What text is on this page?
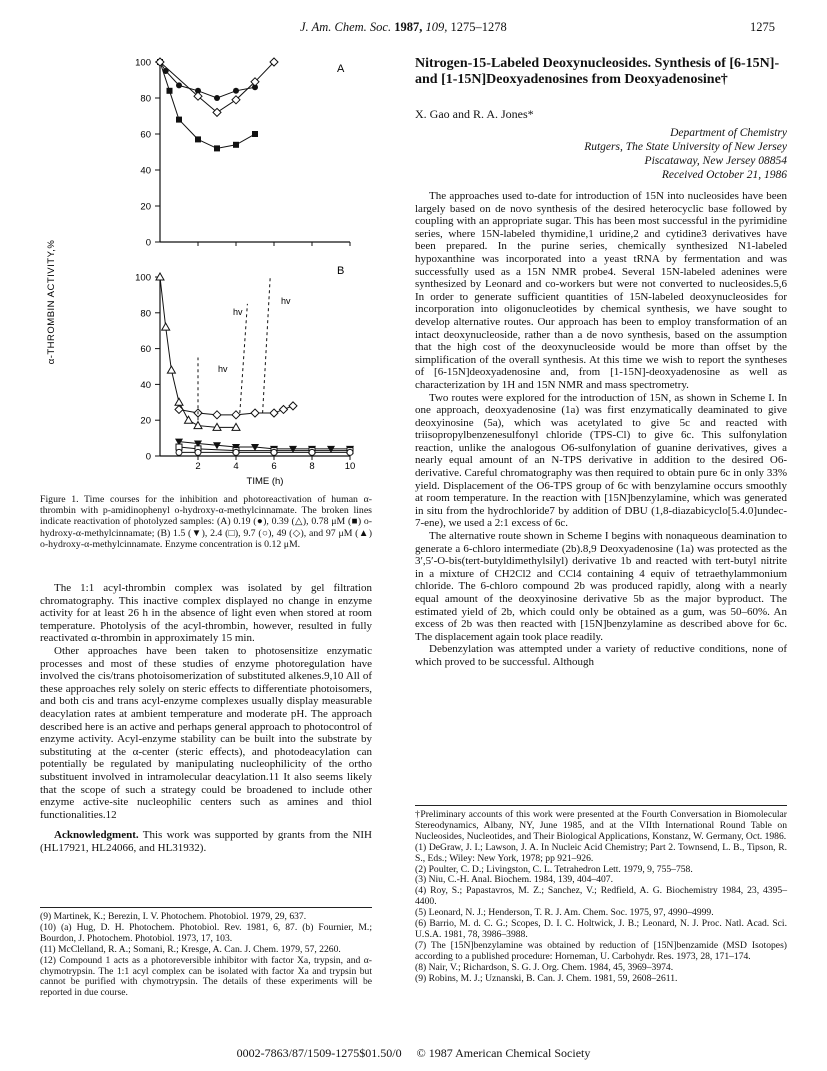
J. Am. Chem. Soc. 1987, 109, 1275–1278	1275
100
80
60
40
20
0
100
80
60
40
20
0
2	4	6	8	10
A
B
α-THROMBIN ACTIVITY,%
TIME (h)
hv
hv
hv
Figure 1. Time courses for the inhibition and photoreactivation of human α-thrombin with p-amidinophenyl o-hydroxy-α-methylcinnamate. The broken lines indicate reactivation of photolyzed samples: (A) 0.19 (●), 0.39 (△), 0.78 μM (■) o-hydroxy-α-methylcinnamate; (B) 1.5 (▼), 2.4 (□), 9.7 (○), 49 (◇), and 97 μM (▲) o-hydroxy-α-methylcinnamate. Enzyme concentration is 0.12 μM.

The 1:1 acyl-thrombin complex was isolated by gel filtration chromatography. This inactive complex displayed no change in enzyme activity for at least 26 h in the absence of light even when stored at room temperature. Photolysis of the acyl-thrombin, however, resulted in fully reactivated α-thrombin in approximately 15 min.

Other approaches have been taken to photosensitize enzymatic processes and most of these studies of enzyme photoregulation have involved the cis/trans photoisomerization of substituted alkenes.9,10 All of these approaches rely solely on steric effects to differentiate photoisomers, and both cis and trans acyl-enzyme complexes usually display measurable deacylation rates at ambient temperature and moderate pH. The approach described here is an active and perhaps general approach to photocontrol of enzyme activity. Acyl-enzyme stability can be built into the substrate by substituting at the α-center (steric effects), and photodeacylation can potentially be regulated by manipulating nucleophilicity of the ortho substituent involved in intramolecular deacylation.11 It also seems likely that the scope of such a strategy could be broadened to include other enzyme active-site nucleophilic centers such as amines and thiol functionalities.12

Acknowledgment. This work was supported by grants from the NIH (HL17921, HL24066, and HL31932).

(9) Martinek, K.; Berezin, I. V. Photochem. Photobiol. 1979, 29, 637.
(10) (a) Hug, D. H. Photochem. Photobiol. Rev. 1981, 6, 87. (b) Fournier, M.; Bourdon, J. Photochem. Photobiol. 1973, 17, 103.
(11) McClelland, R. A.; Somani, R.; Kresge, A. Can. J. Chem. 1979, 57, 2260.
(12) Compound 1 acts as a photoreversible inhibitor with factor Xa, trypsin, and α-chymotrypsin. The 1:1 acyl complex can be isolated with factor Xa and trypsin but cannot be purified with chymotrypsin. The details of these experiments will be reported in due course.
Nitrogen-15-Labeled Deoxynucleosides. Synthesis of [6-15N]- and [1-15N]Deoxyadenosines from Deoxyadenosine†
X. Gao and R. A. Jones*
Department of Chemistry
Rutgers, The State University of New Jersey
Piscataway, New Jersey 08854
Received October 21, 1986

The approaches used to-date for introduction of 15N into nucleosides have been largely based on de novo synthesis of the desired heterocyclic base followed by coupling with an appropriate sugar. This has been most successful in the pyrimidine series, where 15N-labeled thymidine,1 uridine,2 and cytidine3 derivatives have been prepared. In the purine series, chemically synthesized N1-labeled hypoxanthine was incorporated into a yeast tRNA by fermentation and was successfully used as a 15N NMR probe4. Several 15N-labeled adenines were synthesized by Leonard and co-workers but were not converted to nucleosides.5,6 In order to generate sufficient quantities of 15N-labeled deoxynucleosides for incorporation into oligonucleotides by chemical synthesis, we have sought to develop alternative routes. Our approach has been to employ transformation of an intact deoxynucleoside, rather than a de novo synthesis, based on the assumption that the high cost of the deoxynucleoside would be more than offset by the simplification of the overall synthesis. At this time we wish to report the syntheses of [6-15N]deoxyadenosine and, from [1-15N]-deoxyadenosine as well as characterization by 1H and 15N NMR and mass spectrometry.

Two routes were explored for the introduction of 15N, as shown in Scheme I. In one approach, deoxyadenosine (1a) was first enzymatically deaminated to give deoxyinosine (5a), which was acetylated to give 5c and reacted with triisopropylbenzenesulfonyl chloride (TPS-Cl) to give 6c. This sulfonylation reaction, unlike the analogous O6-sulfonylation of guanine derivatives, gives a nearly equal amount of an N-TPS derivative in addition to the desired O6-derivative. Careful chromatography was then required to obtain pure 6c in only 33% yield. Displacement of the O6-TPS group of 6c with benzylamine occurs smoothly at room temperature. In the reaction with [15N]benzylamine, which was generated in situ from the hydrochloride7 by addition of DBU (1,8-diazabicyclo[5.4.0]undec-7-ene), we used a 2:1 excess of 6c.

The alternative route shown in Scheme I begins with nonaqueous deamination to generate a 6-chloro intermediate (2b).8,9 Deoxyadenosine (1a) was protected as the 3′,5′-O-bis(tert-butyldimethylsilyl) derivative 1b and reacted with tert-butyl nitrite in a mixture of CH2Cl2 and CCl4 containing 4 equiv of tetraethylammonium chloride. The 6-chloro compound 2b was produced rapidly, along with a nearly equal amount of the deoxyinosine derivative 5b as the major byproduct. The estimated yield of 2b, which could only be obtained as a gum, was 50–60%. An excess of 2b was then reacted with [15N]benzylamine as described above for 6c. The displacement again took place readily.

Debenzylation was attempted under a variety of reductive conditions, none of which proved to be successful. Although

†Preliminary accounts of this work were presented at the Fourth Conversation in Biomolecular Stereodynamics, Albany, NY, June 1985, and at the VIIth International Round Table on Nucleosides, Nucleotides, and Their Biological Applications, Konstanz, W. Germany, Oct. 1986.
(1) DeGraw, J. I.; Lawson, J. A. In Nucleic Acid Chemistry; Part 2. Townsend, L. B., Tipson, R. S., Eds.; Wiley: New York, 1978; pp 921–926.
(2) Poulter, C. D.; Livingston, C. L. Tetrahedron Lett. 1979, 9, 755–758.
(3) Niu, C.-H. Anal. Biochem. 1984, 139, 404–407.
(4) Roy, S.; Papastavros, M. Z.; Sanchez, V.; Redfield, A. G. Biochemistry 1984, 23, 4395–4400.
(5) Leonard, N. J.; Henderson, T. R. J. Am. Chem. Soc. 1975, 97, 4990–4999.
(6) Barrio, M. d. C. G.; Scopes, D. I. C. Holtwick, J. B.; Leonard, N. J. Proc. Natl. Acad. Sci. U.S.A. 1981, 78, 3986–3988.
(7) The [15N]benzylamine was obtained by reduction of [15N]benzamide (MSD Isotopes) according to a published procedure: Horneman, U. Carbohydr. Res. 1973, 28, 171–174.
(8) Nair, V.; Richardson, S. G. J. Org. Chem. 1984, 45, 3969–3974.
(9) Robins, M. J.; Uznanski, B. Can. J. Chem. 1981, 59, 2608–2611.
0002-7863/87/1509-1275$01.50/0 © 1987 American Chemical Society
